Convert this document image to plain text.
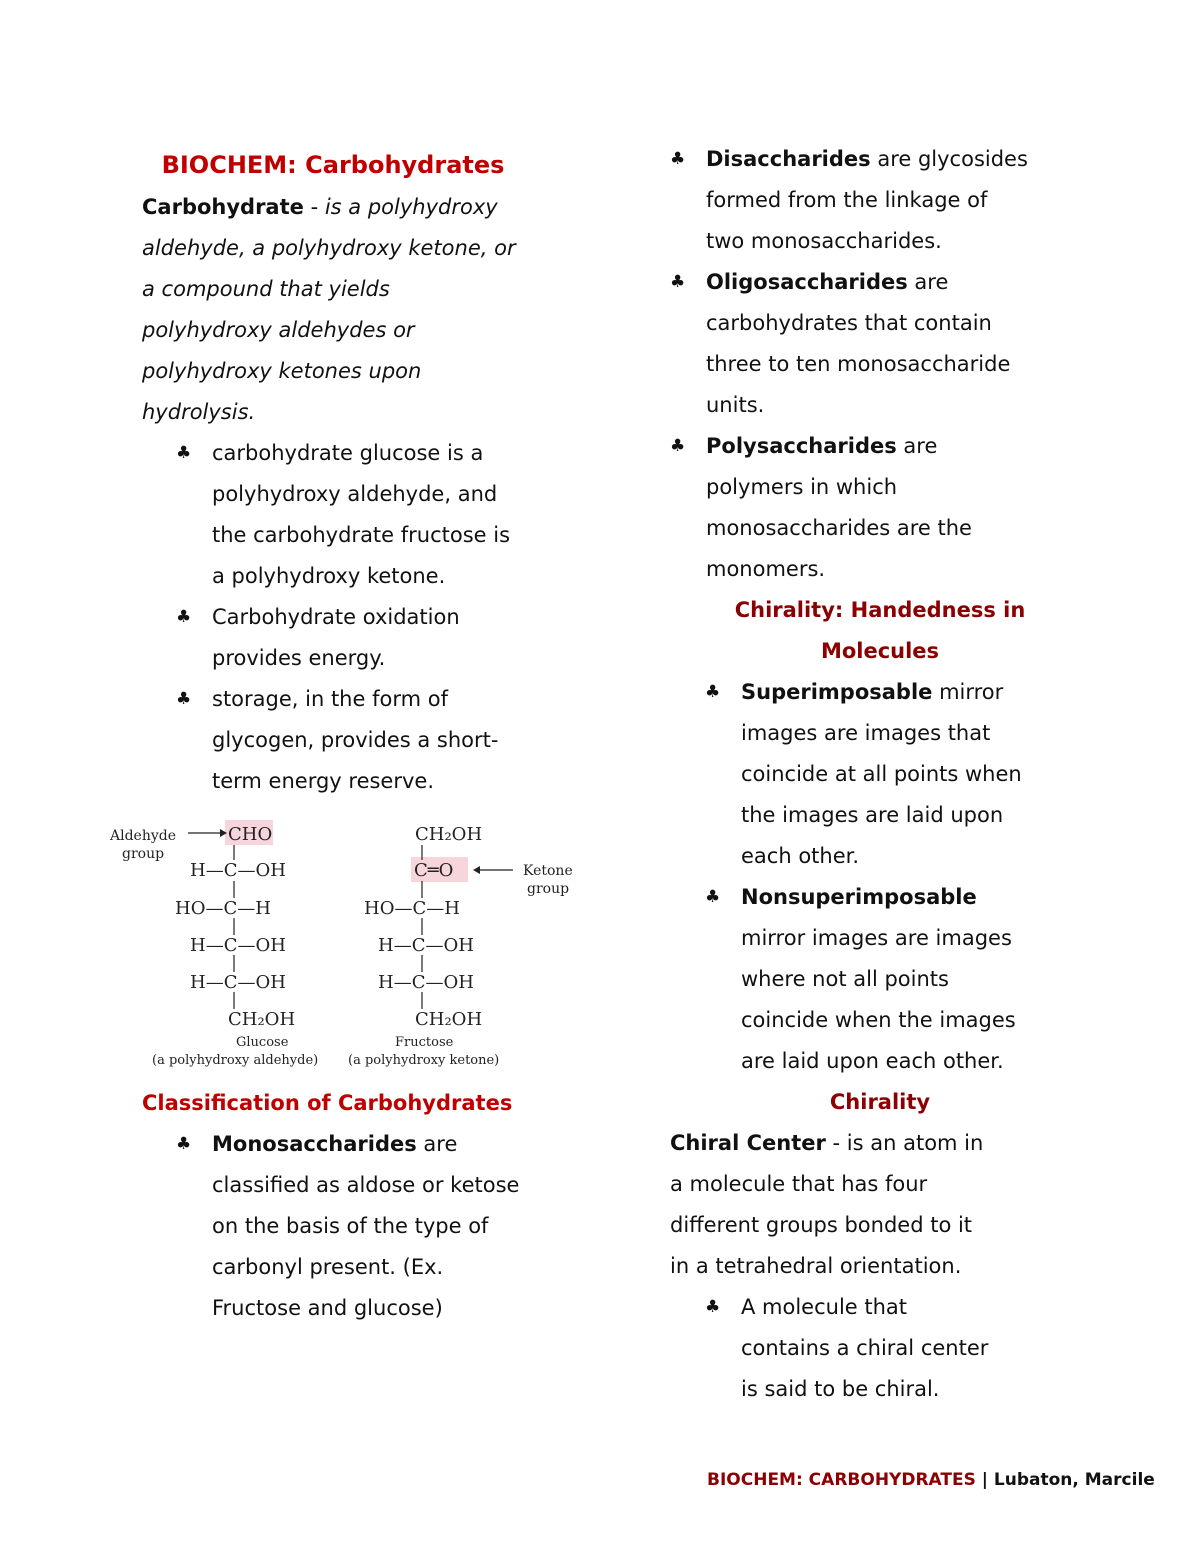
BIOCHEM: Carbohydrates
Carbohydrate - is a polyhydroxy
aldehyde, a polyhydroxy ketone, or
a compound that yields
polyhydroxy aldehydes or
polyhydroxy ketones upon
hydrolysis.
♣ carbohydrate glucose is a
polyhydroxy aldehyde, and
the carbohydrate fructose is
a polyhydroxy ketone.
♣ Carbohydrate oxidation
provides energy.
♣ storage, in the form of
glycogen, provides a short-
term energy reserve.
Aldehyde
group
CHO
H—C—OH
HO—C—H
H—C—OH
H—C—OH
CH₂OH
Glucose
(a polyhydroxy aldehyde)
CH₂OH
C═O
HO—C—H
H—C—OH
H—C—OH
CH₂OH
Ketone
group
Fructose
(a polyhydroxy ketone)
Classification of Carbohydrates
♣ Monosaccharides are
classified as aldose or ketose
on the basis of the type of
carbonyl present. (Ex.
Fructose and glucose)
♣ Disaccharides are glycosides
formed from the linkage of
two monosaccharides.
♣ Oligosaccharides are
carbohydrates that contain
three to ten monosaccharide
units.
♣ Polysaccharides are
polymers in which
monosaccharides are the
monomers.
Chirality: Handedness in
Molecules
♣ Superimposable mirror
images are images that
coincide at all points when
the images are laid upon
each other.
♣ Nonsuperimposable
mirror images are images
where not all points
coincide when the images
are laid upon each other.
Chirality
Chiral Center - is an atom in
a molecule that has four
different groups bonded to it
in a tetrahedral orientation.
♣ A molecule that
contains a chiral center
is said to be chiral.
BIOCHEM: CARBOHYDRATES | Lubaton, Marcile
